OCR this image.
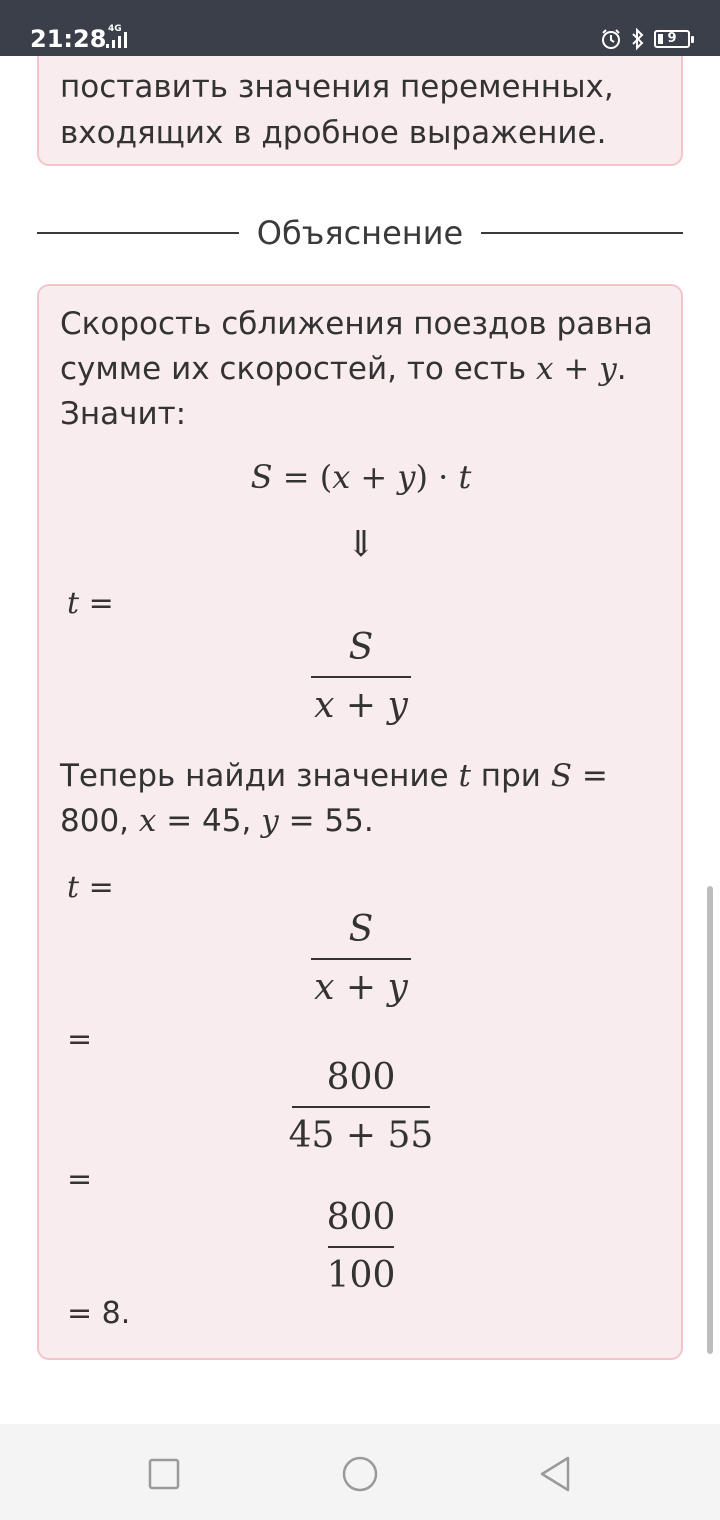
21:28 4G
9
поставить значения переменных,
входящих в дробное выражение.
Объяснение
Скорость сближения поездов равна
сумме их скоростей, то есть x + y.
Значит:
S = (x + y) · t
⇓
t =
S
x + y
Теперь найди значение t при S =
800, x = 45, y = 55.
t =
S
x + y
=
800
45 + 55
=
800
100
= 8.
